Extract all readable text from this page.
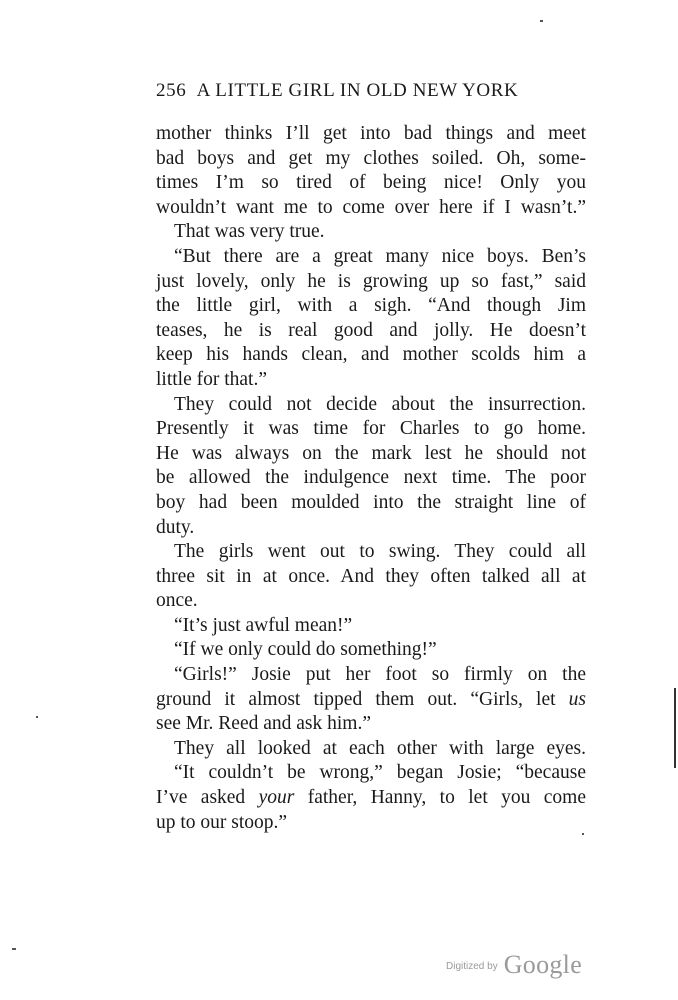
256 A LITTLE GIRL IN OLD NEW YORK
mother thinks I’ll get into bad things and meet
bad boys and get my clothes soiled. Oh, some-
times I’m so tired of being nice! Only you
wouldn’t want me to come over here if I wasn’t.”
That was very true.
“But there are a great many nice boys. Ben’s
just lovely, only he is growing up so fast,” said
the little girl, with a sigh. “And though Jim
teases, he is real good and jolly. He doesn’t
keep his hands clean, and mother scolds him a
little for that.”
They could not decide about the insurrection.
Presently it was time for Charles to go home.
He was always on the mark lest he should not
be allowed the indulgence next time. The poor
boy had been moulded into the straight line of
duty.
The girls went out to swing. They could all
three sit in at once. And they often talked all at
once.
“It’s just awful mean!”
“If we only could do something!”
“Girls!” Josie put her foot so firmly on the
ground it almost tipped them out. “Girls, let us
see Mr. Reed and ask him.”
They all looked at each other with large eyes.
“It couldn’t be wrong,” began Josie; “because
I’ve asked your father, Hanny, to let you come
up to our stoop.”
$^{Digitized by}$ Google
